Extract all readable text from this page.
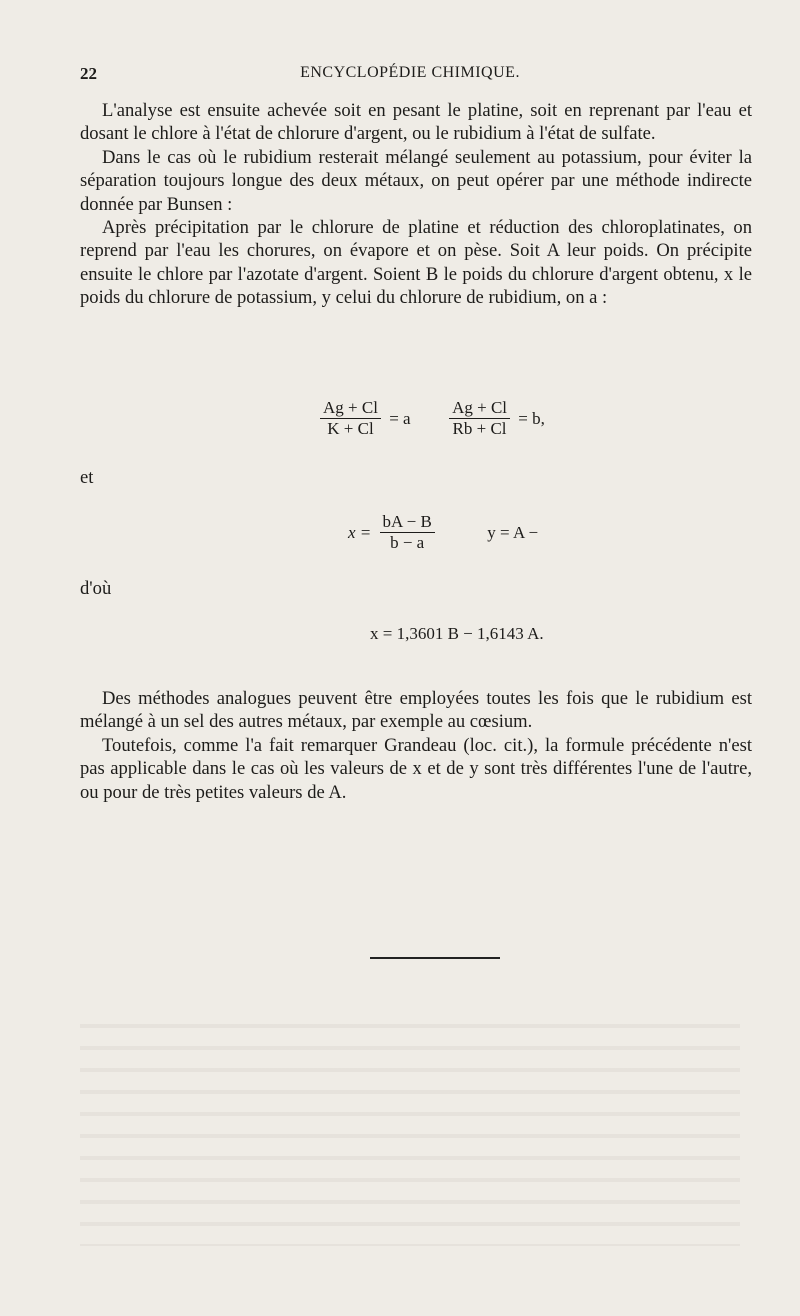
22	ENCYCLOPÉDIE CHIMIQUE.

L'analyse est ensuite achevée soit en pesant le platine, soit en reprenant par l'eau et dosant le chlore à l'état de chlorure d'argent, ou le rubidium à l'état de sulfate.

Dans le cas où le rubidium resterait mélangé seulement au potassium, pour éviter la séparation toujours longue des deux métaux, on peut opérer par une méthode indirecte donnée par Bunsen :

Après précipitation par le chlorure de platine et réduction des chloroplatinates, on reprend par l'eau les chorures, on évapore et on pèse. Soit A leur poids. On précipite ensuite le chlore par l'azotate d'argent. Soient B le poids du chlorure d'argent obtenu, x le poids du chlorure de potassium, y celui du chlorure de rubidium, on a :

$\frac{Ag + Cl}{K + Cl} = a \frac{Ag + Cl}{Rb + Cl} = b$,
et
$x = \frac{bA - B}{b - a}$	y = A −
d'où
x = 1,3601 B − 1,6143 A.

Des méthodes analogues peuvent être employées toutes les fois que le rubidium est mélangé à un sel des autres métaux, par exemple au cœsium.

Toutefois, comme l'a fait remarquer Grandeau (loc. cit.), la formule précédente n'est pas applicable dans le cas où les valeurs de x et de y sont très différentes l'une de l'autre, ou pour de très petites valeurs de A.
